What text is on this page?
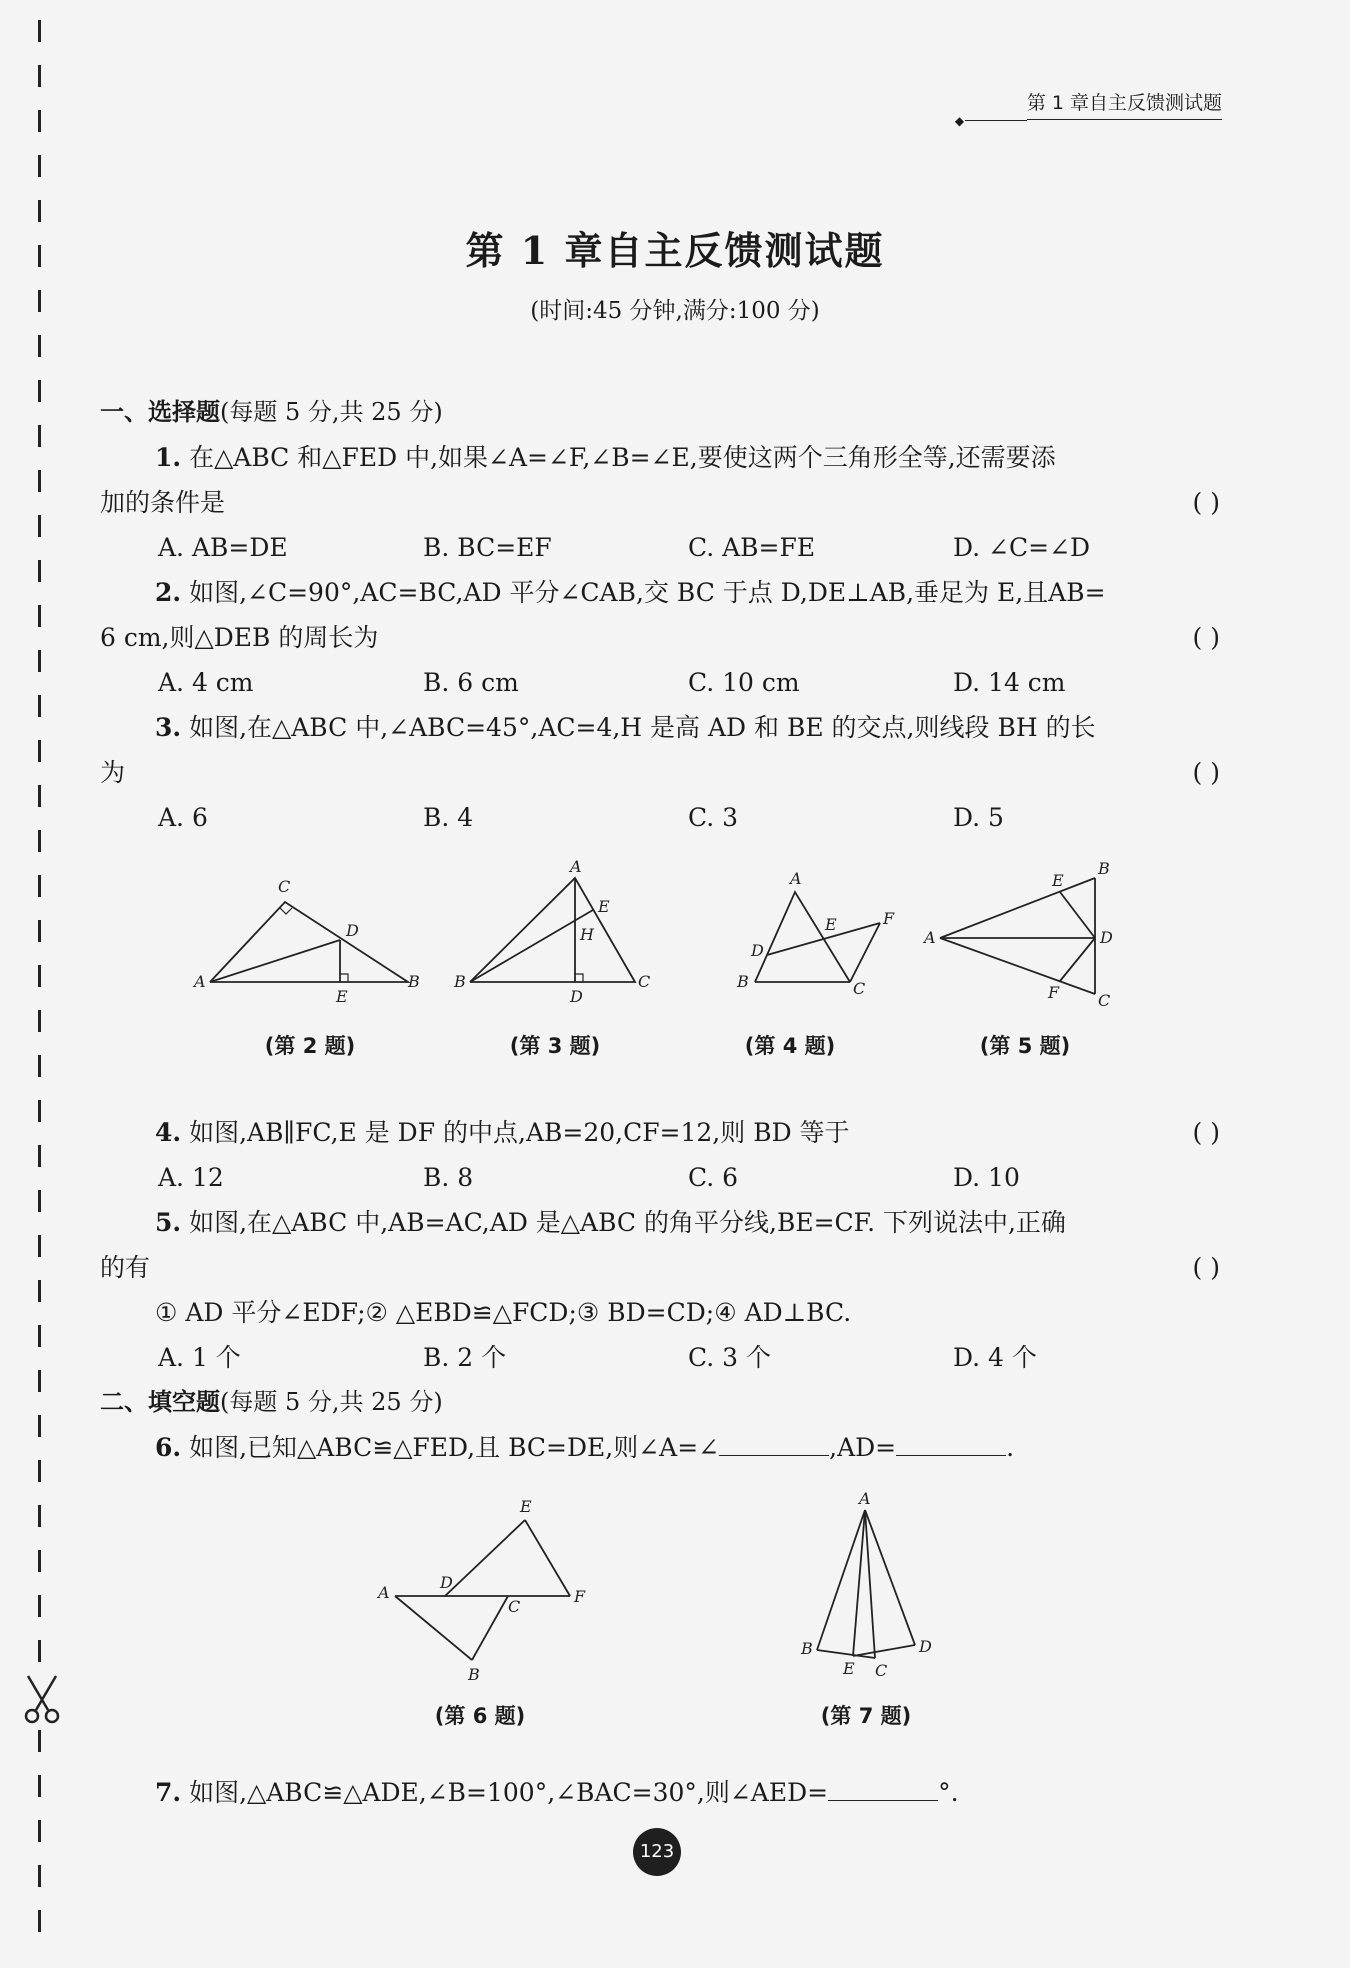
◆ 第 1 章自主反馈测试题
第 1 章自主反馈测试题
(时间:45 分钟,满分:100 分)
一、选择题(每题 5 分,共 25 分)
1. 在△ABC 和△FED 中,如果∠A=∠F,∠B=∠E,要使这两个三角形全等,还需要添
加的条件是	( )
A. AB=DE	B. BC=EF	C. AB=FE	D. ∠C=∠D
2. 如图,∠C=90°,AC=BC,AD 平分∠CAB,交 BC 于点 D,DE⊥AB,垂足为 E,且AB=
6 cm,则△DEB 的周长为	( )
A. 4 cm	B. 6 cm	C. 10 cm	D. 14 cm
3. 如图,在△ABC 中,∠ABC=45°,AC=4,H 是高 AD 和 BE 的交点,则线段 BH 的长
为	( )
A. 6	B. 4	C. 3	D. 5
C
D
A
E
B
A
E
H
B
D
C
A
E	F
D
B	C
E
B
A	D
F C
(第 2 题)	(第 3 题)	(第 4 题)	(第 5 题)
4. 如图,AB∥FC,E 是 DF 的中点,AB=20,CF=12,则 BD 等于	( )
A. 12	B. 8	C. 6	D. 10
5. 如图,在△ABC 中,AB=AC,AD 是△ABC 的角平分线,BE=CF. 下列说法中,正确
的有	( )
① AD 平分∠EDF;② △EBD≌△FCD;③ BD=CD;④ AD⊥BC.
A. 1 个	B. 2 个	C. 3 个	D. 4 个
二、填空题(每题 5 分,共 25 分)
6. 如图,已知△ABC≌△FED,且 BC=DE,则∠A=∠	,AD=	.
E
A
D
C
F
B
A
B	D
E C
(第 6 题)	(第 7 题)
7. 如图,△ABC≌△ADE,∠B=100°,∠BAC=30°,则∠AED=	°.
123
